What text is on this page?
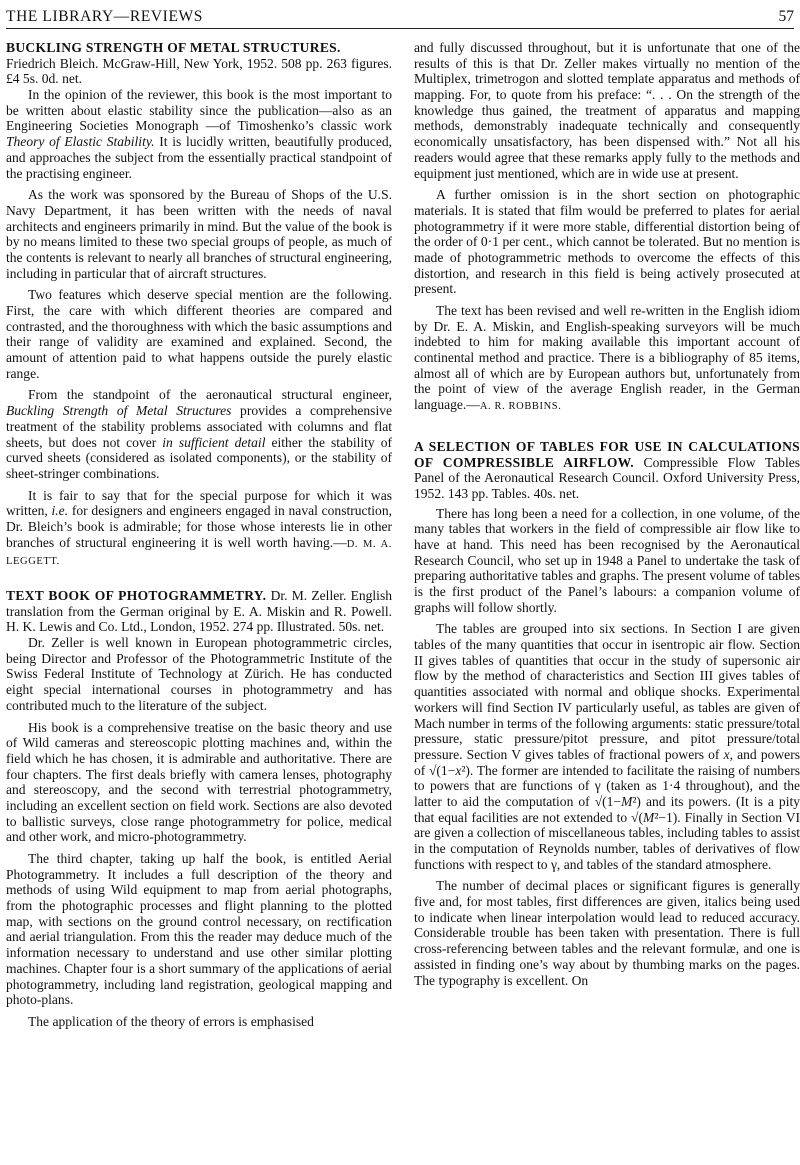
THE LIBRARY—REVIEWS	57

BUCKLING STRENGTH OF METAL STRUCTURES.
Friedrich Bleich. McGraw-Hill, New York, 1952. 508 pp. 263 figures. £4 5s. 0d. net.

In the opinion of the reviewer, this book is the most important to be written about elastic stability since the publication—also as an Engineering Societies Monograph —of Timoshenko’s classic work Theory of Elastic Stability. It is lucidly written, beautifully produced, and approaches the subject from the essentially practical standpoint of the practising engineer.

As the work was sponsored by the Bureau of Shops of the U.S. Navy Department, it has been written with the needs of naval architects and engineers primarily in mind. But the value of the book is by no means limited to these two special groups of people, as much of the contents is relevant to nearly all branches of structural engineering, including in particular that of aircraft structures.

Two features which deserve special mention are the following. First, the care with which different theories are compared and contrasted, and the thoroughness with which the basic assumptions and their range of validity are examined and explained. Second, the amount of attention paid to what happens outside the purely elastic range.

From the standpoint of the aeronautical structural engineer, Buckling Strength of Metal Structures provides a comprehensive treatment of the stability problems associated with columns and flat sheets, but does not cover in sufficient detail either the stability of curved sheets (considered as isolated components), or the stability of sheet-stringer combinations.

It is fair to say that for the special purpose for which it was written, i.e. for designers and engineers engaged in naval construction, Dr. Bleich’s book is admirable; for those whose interests lie in other branches of structural engineering it is well worth having.—D. M. A. LEGGETT.

TEXT BOOK OF PHOTOGRAMMETRY. Dr. M. Zeller. English translation from the German original by E. A. Miskin and R. Powell. H. K. Lewis and Co. Ltd., London, 1952. 274 pp. Illustrated. 50s. net.

Dr. Zeller is well known in European photogrammetric circles, being Director and Professor of the Photogrammetric Institute of the Swiss Federal Institute of Technology at Zürich. He has conducted eight special international courses in photogrammetry and has contributed much to the literature of the subject.

His book is a comprehensive treatise on the basic theory and use of Wild cameras and stereoscopic plotting machines and, within the field which he has chosen, it is admirable and authoritative. There are four chapters. The first deals briefly with camera lenses, photography and stereoscopy, and the second with terrestrial photogrammetry, including an excellent section on field work. Sections are also devoted to ballistic surveys, close range photogrammetry for police, medical and other work, and micro-photogrammetry.

The third chapter, taking up half the book, is entitled Aerial Photogrammetry. It includes a full description of the theory and methods of using Wild equipment to map from aerial photographs, from the photographic processes and flight planning to the plotted map, with sections on the ground control necessary, on rectification and aerial triangulation. From this the reader may deduce much of the information necessary to understand and use other similar plotting machines. Chapter four is a short summary of the applications of aerial photogrammetry, including land registration, geological mapping and photo-plans.

The application of the theory of errors is emphasised

and fully discussed throughout, but it is unfortunate that one of the results of this is that Dr. Zeller makes virtually no mention of the Multiplex, trimetrogon and slotted template apparatus and methods of mapping. For, to quote from his preface: “. . . On the strength of the knowledge thus gained, the treatment of apparatus and mapping methods, demonstrably inadequate technically and consequently economically unsatisfactory, has been dispensed with.” Not all his readers would agree that these remarks apply fully to the methods and equipment just mentioned, which are in wide use at present.

A further omission is in the short section on photographic materials. It is stated that film would be preferred to plates for aerial photogrammetry if it were more stable, differential distortion being of the order of 0·1 per cent., which cannot be tolerated. But no mention is made of photogrammetric methods to overcome the effects of this distortion, and research in this field is being actively prosecuted at present.

The text has been revised and well re-written in the English idiom by Dr. E. A. Miskin, and English-speaking surveyors will be much indebted to him for making available this important account of continental method and practice. There is a bibliography of 85 items, almost all of which are by European authors but, unfortunately from the point of view of the average English reader, in the German language.—A. R. ROBBINS.

A SELECTION OF TABLES FOR USE IN CALCULATIONS OF COMPRESSIBLE AIRFLOW. Compressible Flow Tables Panel of the Aeronautical Research Council. Oxford University Press, 1952. 143 pp. Tables. 40s. net.

There has long been a need for a collection, in one volume, of the many tables that workers in the field of compressible air flow like to have at hand. This need has been recognised by the Aeronautical Research Council, who set up in 1948 a Panel to undertake the task of preparing authoritative tables and graphs. The present volume of tables is the first product of the Panel’s labours: a companion volume of graphs will follow shortly.

The tables are grouped into six sections. In Section I are given tables of the many quantities that occur in isentropic air flow. Section II gives tables of quantities that occur in the study of supersonic air flow by the method of characteristics and Section III gives tables of quantities associated with normal and oblique shocks. Experimental workers will find Section IV particularly useful, as tables are given of Mach number in terms of the following arguments: static pressure/total pressure, static pressure/pitot pressure, and pitot pressure/total pressure. Section V gives tables of fractional powers of x, and powers of √(1−x²). The former are intended to facilitate the raising of numbers to powers that are functions of γ (taken as 1·4 throughout), and the latter to aid the computation of √(1−M²) and its powers. (It is a pity that equal facilities are not extended to √(M²−1). Finally in Section VI are given a collection of miscellaneous tables, including tables to assist in the computation of Reynolds number, tables of derivatives of flow functions with respect to γ, and tables of the standard atmosphere.

The number of decimal places or significant figures is generally five and, for most tables, first differences are given, italics being used to indicate when linear interpolation would lead to reduced accuracy. Considerable trouble has been taken with presentation. There is full cross-referencing between tables and the relevant formulæ, and one is assisted in finding one’s way about by thumbing marks on the pages. The typography is excellent. On
